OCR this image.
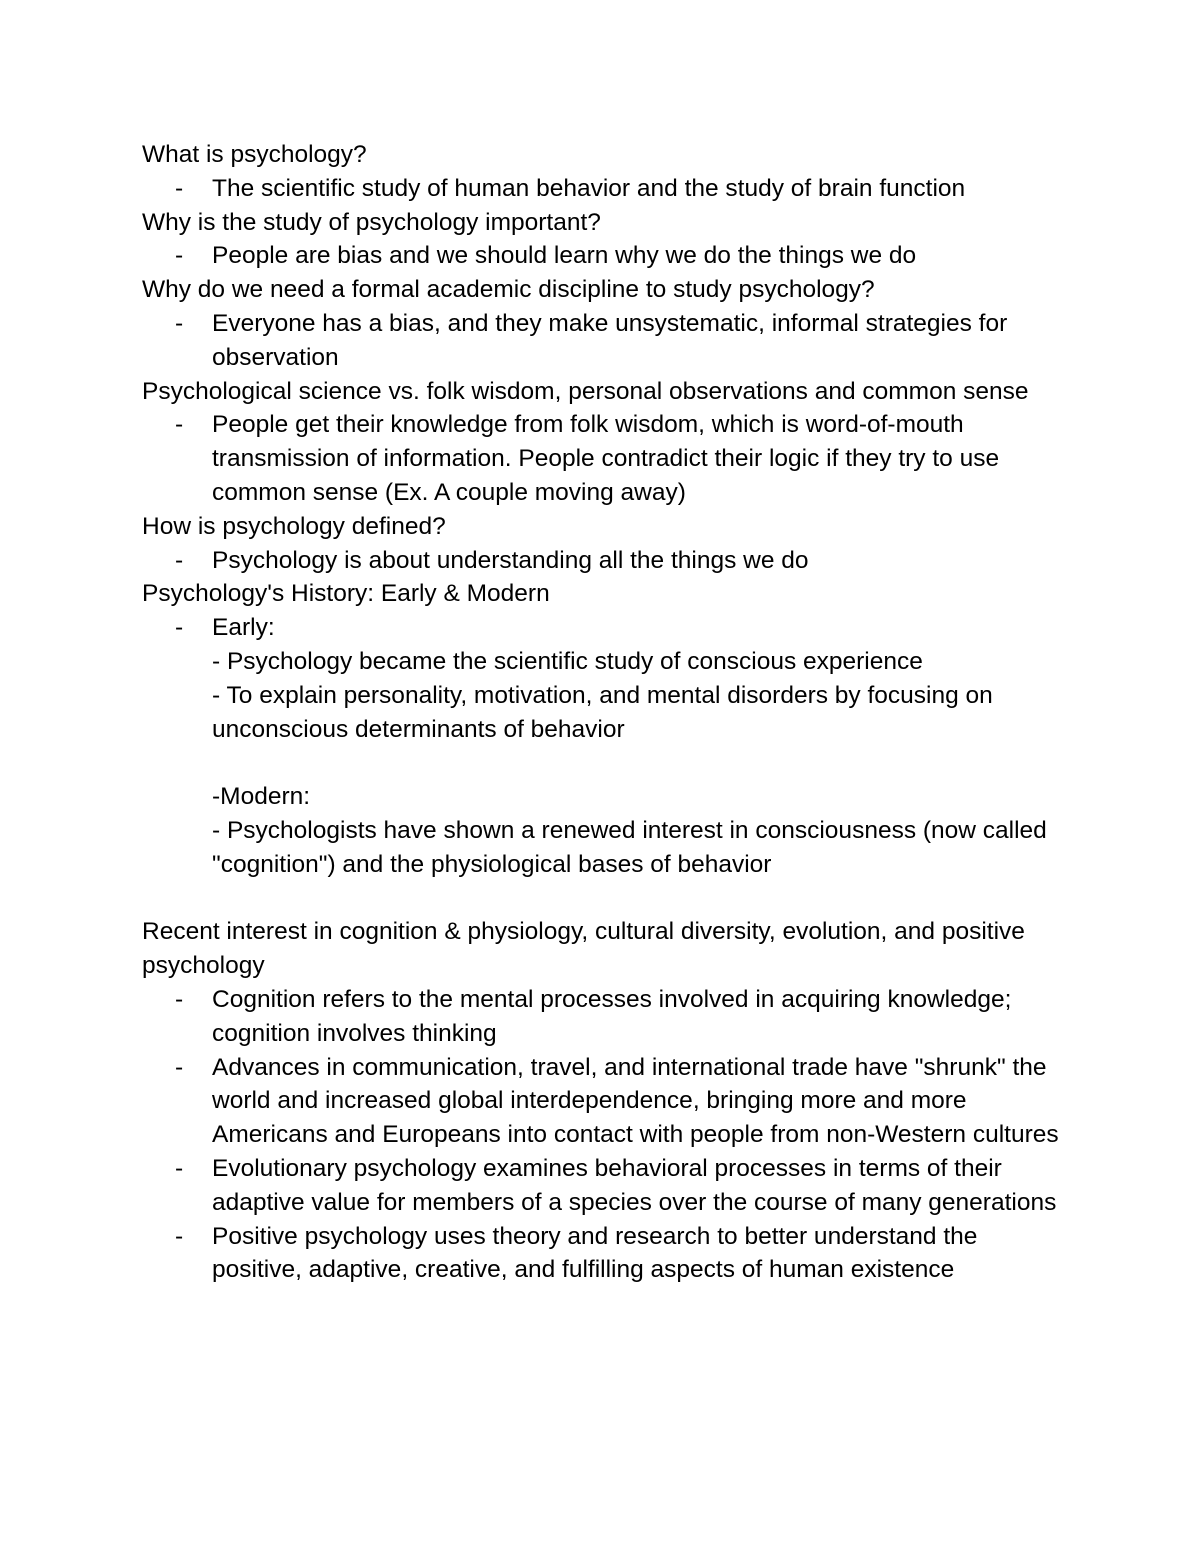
What is psychology?
- The scientific study of human behavior and the study of brain function
Why is the study of psychology important?
- People are bias and we should learn why we do the things we do
Why do we need a formal academic discipline to study psychology?
- Everyone has a bias, and they make unsystematic, informal strategies for observation
Psychological science vs. folk wisdom, personal observations and common sense
- People get their knowledge from folk wisdom, which is word-of-mouth transmission of information. People contradict their logic if they try to use common sense (Ex. A couple moving away)
How is psychology defined?
- Psychology is about understanding all the things we do
Psychology's History: Early & Modern
- Early:
- Psychology became the scientific study of conscious experience
- To explain personality, motivation, and mental disorders by focusing on unconscious determinants of behavior
-Modern:
- Psychologists have shown a renewed interest in consciousness (now called "cognition") and the physiological bases of behavior
Recent interest in cognition & physiology, cultural diversity, evolution, and positive psychology
- Cognition refers to the mental processes involved in acquiring knowledge; cognition involves thinking
- Advances in communication, travel, and international trade have "shrunk" the world and increased global interdependence, bringing more and more Americans and Europeans into contact with people from non-Western cultures
- Evolutionary psychology examines behavioral processes in terms of their adaptive value for members of a species over the course of many generations
- Positive psychology uses theory and research to better understand the positive, adaptive, creative, and fulfilling aspects of human existence
